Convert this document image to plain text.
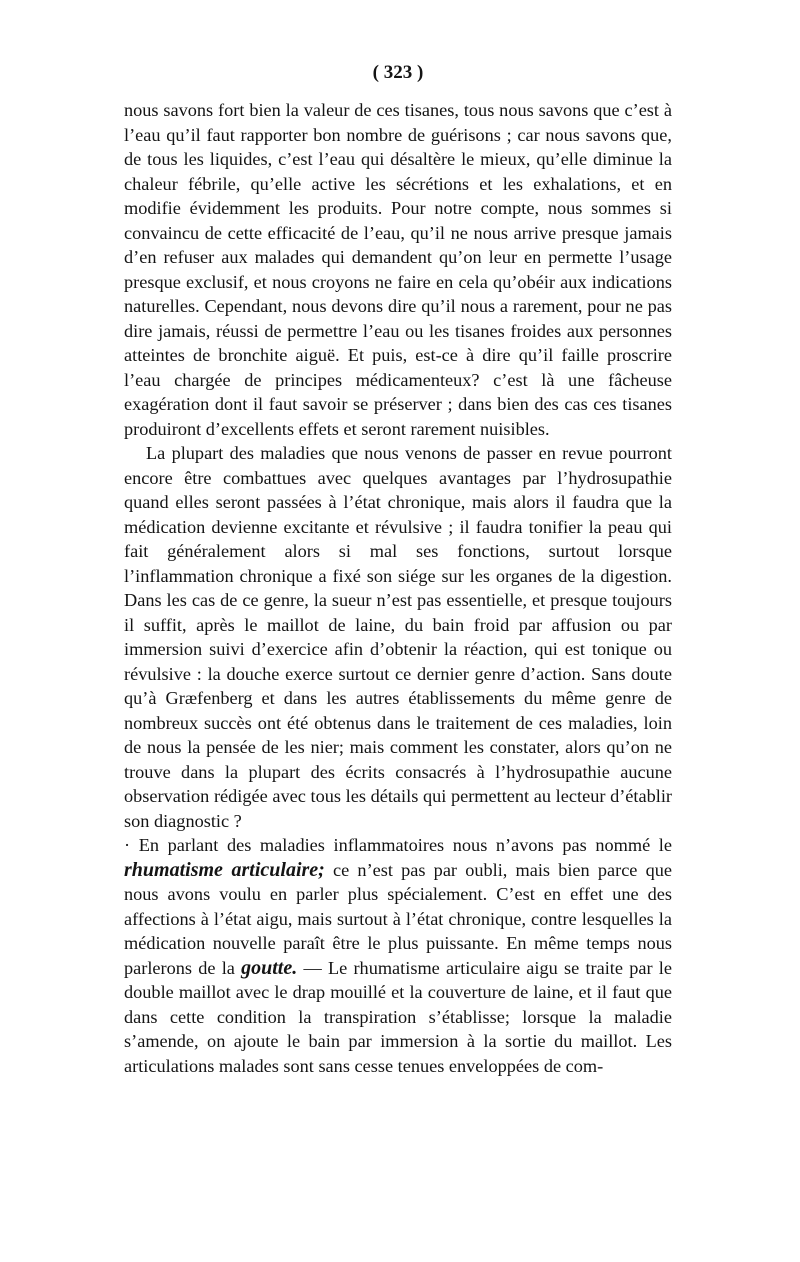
( 323 )

nous savons fort bien la valeur de ces tisanes, tous nous savons que c’est à l’eau qu’il faut rapporter bon nombre de guérisons ; car nous savons que, de tous les liquides, c’est l’eau qui désaltère le mieux, qu’elle diminue la chaleur fébrile, qu’elle active les sécrétions et les exhalations, et en modifie évidemment les produits. Pour notre compte, nous sommes si convaincu de cette efficacité de l’eau, qu’il ne nous arrive presque jamais d’en refuser aux malades qui demandent qu’on leur en permette l’usage presque exclusif, et nous croyons ne faire en cela qu’obéir aux indications naturelles. Cependant, nous devons dire qu’il nous a rarement, pour ne pas dire jamais, réussi de permettre l’eau ou les tisanes froides aux personnes atteintes de bronchite aiguë. Et puis, est-ce à dire qu’il faille proscrire l’eau chargée de principes médicamenteux? c’est là une fâcheuse exagération dont il faut savoir se préserver ; dans bien des cas ces tisanes produiront d’excellents effets et seront rarement nuisibles.

La plupart des maladies que nous venons de passer en revue pourront encore être combattues avec quelques avantages par l’hydrosupathie quand elles seront passées à l’état chronique, mais alors il faudra que la médication devienne excitante et révulsive ; il faudra tonifier la peau qui fait généralement alors si mal ses fonctions, surtout lorsque l’inflammation chronique a fixé son siége sur les organes de la digestion. Dans les cas de ce genre, la sueur n’est pas essentielle, et presque toujours il suffit, après le maillot de laine, du bain froid par affusion ou par immersion suivi d’exercice afin d’obtenir la réaction, qui est tonique ou révulsive : la douche exerce surtout ce dernier genre d’action. Sans doute qu’à Græfenberg et dans les autres établissements du même genre de nombreux succès ont été obtenus dans le traitement de ces maladies, loin de nous la pensée de les nier; mais comment les constater, alors qu’on ne trouve dans la plupart des écrits consacrés à l’hydrosupathie aucune observation rédigée avec tous les détails qui permettent au lecteur d’établir son diagnostic ?

· En parlant des maladies inflammatoires nous n’avons pas nommé le rhumatisme articulaire; ce n’est pas par oubli, mais bien parce que nous avons voulu en parler plus spécialement. C’est en effet une des affections à l’état aigu, mais surtout à l’état chronique, contre lesquelles la médication nouvelle paraît être le plus puissante. En même temps nous parlerons de la goutte. — Le rhumatisme articulaire aigu se traite par le double maillot avec le drap mouillé et la couverture de laine, et il faut que dans cette condition la transpiration s’établisse; lorsque la maladie s’amende, on ajoute le bain par immersion à la sortie du maillot. Les articulations malades sont sans cesse tenues enveloppées de com-
